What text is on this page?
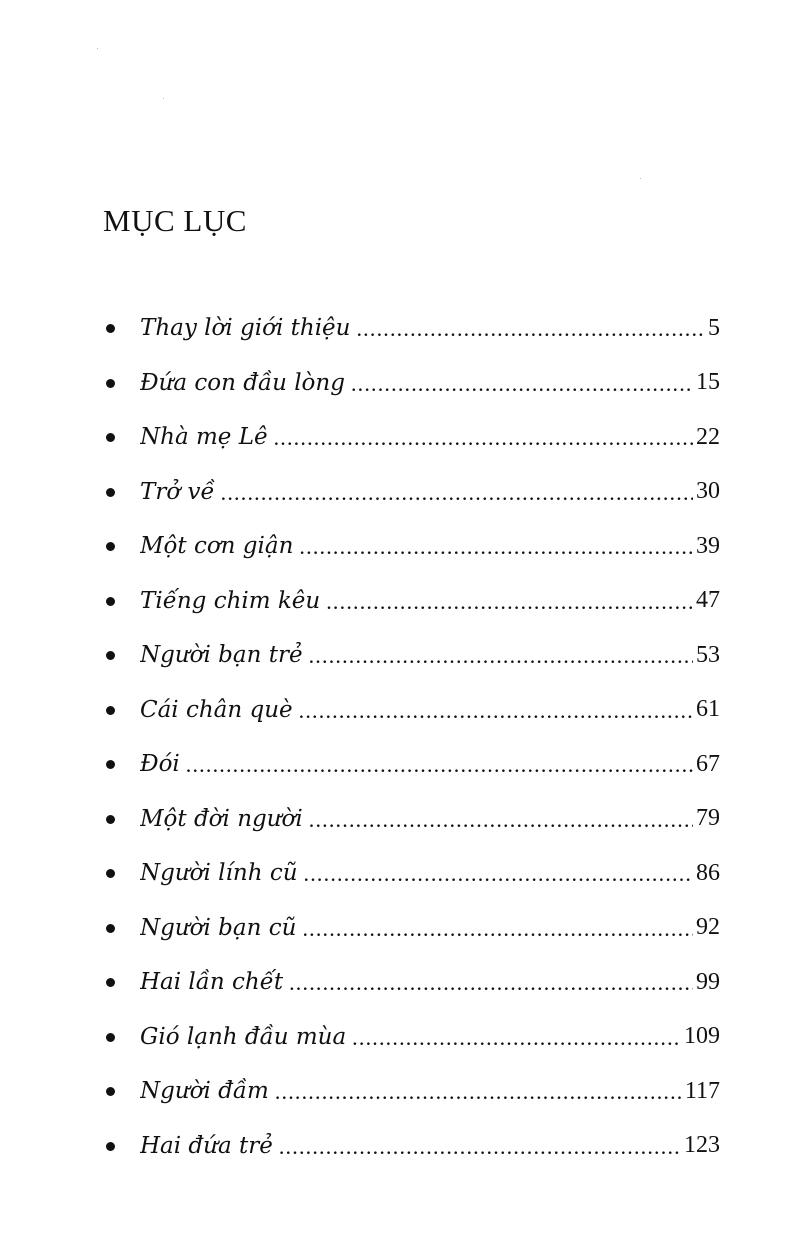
MỤC LỤC
Thay lời giới thiệu .....	5
Đứa con đầu lòng .....	15
Nhà mẹ Lê .....	22
Trở về .....	30
Một cơn giận .....	39
Tiếng chim kêu .....	47
Người bạn trẻ .....	53
Cái chân què .....	61
Đói .....	67
Một đời người .....	79
Người lính cũ .....	86
Người bạn cũ .....	92
Hai lần chết .....	99
Gió lạnh đầu mùa .....	109
Người đầm .....	117
Hai đứa trẻ .....	123
